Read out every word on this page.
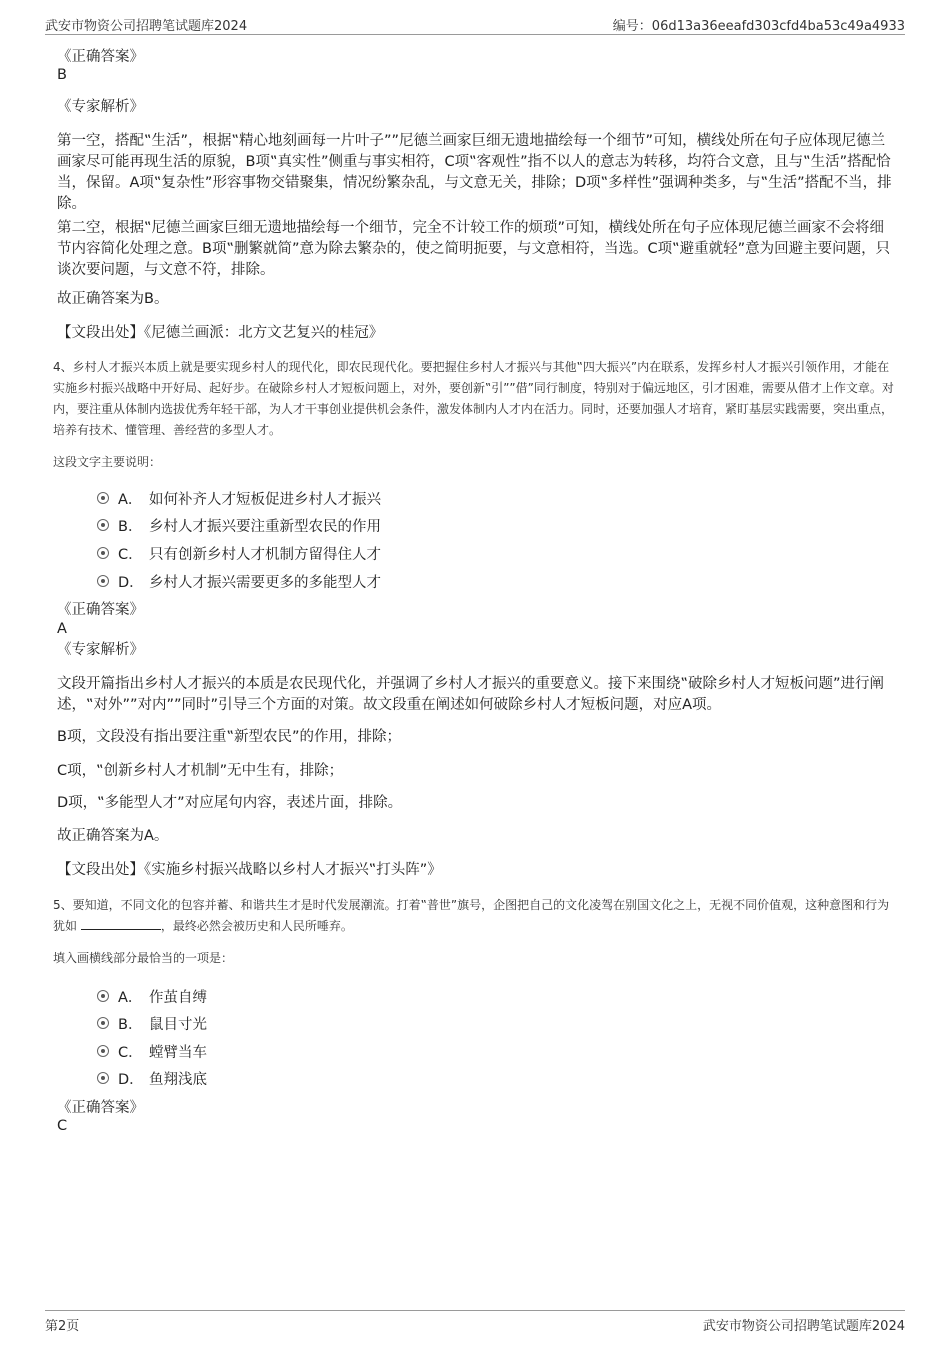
武安市物资公司招聘笔试题库2024	编号：06d13a36eeafd303cfd4ba53c49a4933
《正确答案》
B
《专家解析》
第一空，搭配‟生活”，根据‟精心地刻画每一片叶子””尼德兰画家巨细无遗地描绘每一个细节”可知，横线处所在句子应体现尼德兰画家尽可能再现生活的原貌，B项‟真实性”侧重与事实相符，C项‟客观性”指不以人的意志为转移，均符合文意，且与‟生活”搭配恰当，保留。A项‟复杂性”形容事物交错聚集，情况纷繁杂乱，与文意无关，排除；D项‟多样性”强调种类多，与‟生活”搭配不当，排除。
第二空，根据‟尼德兰画家巨细无遗地描绘每一个细节，完全不计较工作的烦琐”可知，横线处所在句子应体现尼德兰画家不会将细节内容简化处理之意。B项‟删繁就简”意为除去繁杂的，使之简明扼要，与文意相符，当选。C项‟避重就轻”意为回避主要问题，只谈次要问题，与文意不符，排除。
故正确答案为B。
【文段出处】《尼德兰画派：北方文艺复兴的桂冠》
4、乡村人才振兴本质上就是要实现乡村人的现代化，即农民现代化。要把握住乡村人才振兴与其他‟四大振兴”内在联系，发挥乡村人才振兴引领作用，才能在实施乡村振兴战略中开好局、起好步。在破除乡村人才短板问题上，对外，要创新‟引””借”同行制度，特别对于偏远地区，引才困难，需要从借才上作文章。对内，要注重从体制内选拔优秀年轻干部，为人才干事创业提供机会条件，激发体制内人才内在活力。同时，还要加强人才培育，紧盯基层实践需要，突出重点，培养有技术、懂管理、善经营的多型人才。
这段文字主要说明：
A． 如何补齐人才短板促进乡村人才振兴
B． 乡村人才振兴要注重新型农民的作用
C． 只有创新乡村人才机制方留得住人才
D． 乡村人才振兴需要更多的多能型人才
《正确答案》
A
《专家解析》
文段开篇指出乡村人才振兴的本质是农民现代化，并强调了乡村人才振兴的重要意义。接下来围绕‟破除乡村人才短板问题”进行阐述，‟对外””对内””同时”引导三个方面的对策。故文段重在阐述如何破除乡村人才短板问题，对应A项。
B项，文段没有指出要注重‟新型农民”的作用，排除；
C项，‟创新乡村人才机制”无中生有，排除；
D项，‟多能型人才”对应尾句内容，表述片面，排除。
故正确答案为A。
【文段出处】《实施乡村振兴战略以乡村人才振兴‟打头阵”》
5、要知道，不同文化的包容并蓄、和谐共生才是时代发展潮流。打着‟普世”旗号，企图把自己的文化凌驾在别国文化之上，无视不同价值观，这种意图和行为犹如	，最终必然会被历史和人民所唾弃。
填入画横线部分最恰当的一项是：
A． 作茧自缚
B． 鼠目寸光
C． 螳臂当车
D． 鱼翔浅底
《正确答案》
C
第2页	武安市物资公司招聘笔试题库2024
